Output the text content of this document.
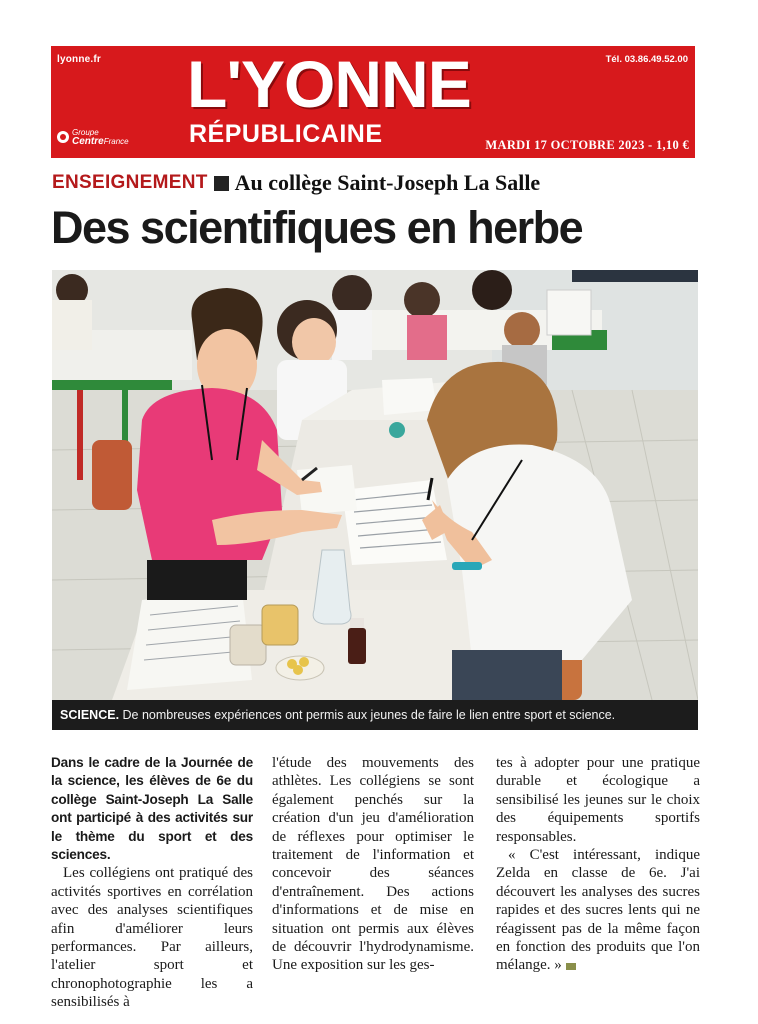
lyonne.fr	Tél. 03.86.49.52.00
L'YONNE
RÉPUBLICAINE
Groupe
CentreFrance	MARDI 17 OCTOBRE 2023 - 1,10 €
ENSEIGNEMENT Au collège Saint-Joseph La Salle
Des scientifiques en herbe
SCIENCE. De nombreuses expériences ont permis aux jeunes de faire le lien entre sport et science.

Dans le cadre de la Journée de la science, les élèves de 6e du collège Saint-Joseph La Salle ont participé à des activités sur le thème du sport et des sciences.

Les collégiens ont pratiqué des activités sportives en corrélation avec des analyses scientifiques afin d'améliorer leurs performances. Par ailleurs, l'atelier sport et chronophotographie les a sensibilisés à

l'étude des mouvements des athlètes. Les collégiens se sont également penchés sur la création d'un jeu d'amélioration de réflexes pour optimiser le traitement de l'information et concevoir des séances d'entraînement. Des actions d'informations et de mise en situation ont permis aux élèves de découvrir l'hydrodynamisme. Une exposition sur les ges-

tes à adopter pour une pratique durable et écologique a sensibilisé les jeunes sur le choix des équipements sportifs responsables.

« C'est intéressant, indique Zelda en classe de 6e. J'ai découvert les analyses des sucres rapides et des sucres lents qui ne réagissent pas de la même façon en fonction des produits que l'on mélange. »
